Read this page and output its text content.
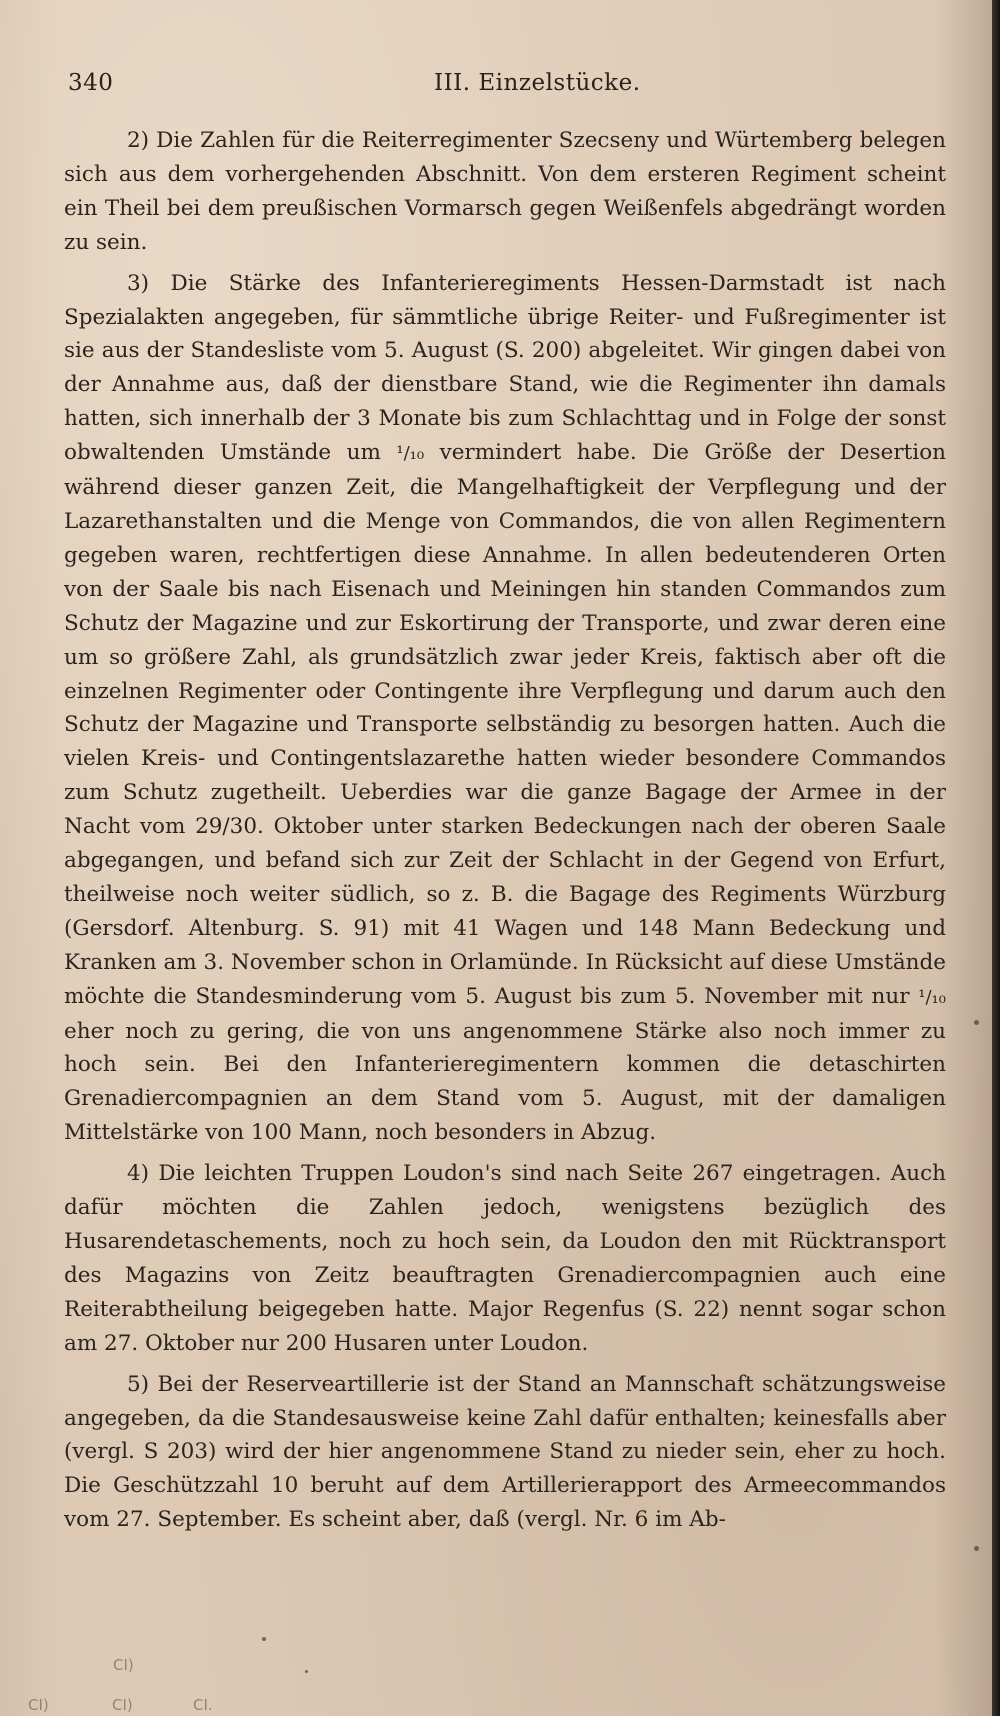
340	III. Einzelstücke.

2) Die Zahlen für die Reiterregimenter Szecseny und Würtemberg belegen sich aus dem vorhergehenden Abschnitt. Von dem ersteren Regiment scheint ein Theil bei dem preußischen Vormarsch gegen Weißenfels abgedrängt worden zu sein.

3) Die Stärke des Infanterieregiments Hessen-Darmstadt ist nach Spezialakten angegeben, für sämmtliche übrige Reiter- und Fußregimenter ist sie aus der Standesliste vom 5. August (S. 200) abgeleitet. Wir gingen dabei von der Annahme aus, daß der dienstbare Stand, wie die Regimenter ihn damals hatten, sich innerhalb der 3 Monate bis zum Schlachttag und in Folge der sonst obwaltenden Umstände um ¹/₁₀ vermindert habe. Die Größe der Desertion während dieser ganzen Zeit, die Mangelhaftigkeit der Verpflegung und der Lazarethanstalten und die Menge von Commandos, die von allen Regimentern gegeben waren, rechtfertigen diese Annahme. In allen bedeutenderen Orten von der Saale bis nach Eisenach und Meiningen hin standen Commandos zum Schutz der Magazine und zur Eskortirung der Transporte, und zwar deren eine um so größere Zahl, als grundsätzlich zwar jeder Kreis, faktisch aber oft die einzelnen Regimenter oder Contingente ihre Verpflegung und darum auch den Schutz der Magazine und Transporte selbständig zu besorgen hatten. Auch die vielen Kreis- und Contingentslazarethe hatten wieder besondere Commandos zum Schutz zugetheilt. Ueberdies war die ganze Bagage der Armee in der Nacht vom 29/30. Oktober unter starken Bedeckungen nach der oberen Saale abgegangen, und befand sich zur Zeit der Schlacht in der Gegend von Erfurt, theilweise noch weiter südlich, so z. B. die Bagage des Regiments Würzburg (Gersdorf. Altenburg. S. 91) mit 41 Wagen und 148 Mann Bedeckung und Kranken am 3. November schon in Orlamünde. In Rücksicht auf diese Umstände möchte die Standesminderung vom 5. August bis zum 5. November mit nur ¹/₁₀ eher noch zu gering, die von uns angenommene Stärke also noch immer zu hoch sein. Bei den Infanterieregimentern kommen die detaschirten Grenadiercompagnien an dem Stand vom 5. August, mit der damaligen Mittelstärke von 100 Mann, noch besonders in Abzug.

4) Die leichten Truppen Loudon's sind nach Seite 267 eingetragen. Auch dafür möchten die Zahlen jedoch, wenigstens bezüglich des Husarendetaschements, noch zu hoch sein, da Loudon den mit Rücktransport des Magazins von Zeitz beauftragten Grenadiercompagnien auch eine Reiterabtheilung beigegeben hatte. Major Regenfus (S. 22) nennt sogar schon am 27. Oktober nur 200 Husaren unter Loudon.

5) Bei der Reserveartillerie ist der Stand an Mannschaft schätzungsweise angegeben, da die Standesausweise keine Zahl dafür enthalten; keinesfalls aber (vergl. S 203) wird der hier angenommene Stand zu nieder sein, eher zu hoch. Die Geschützzahl 10 beruht auf dem Artillerierapport des Armeecommandos vom 27. September. Es scheint aber, daß (vergl. Nr. 6 im Ab-

CI)
CI)	CI)	CI.
